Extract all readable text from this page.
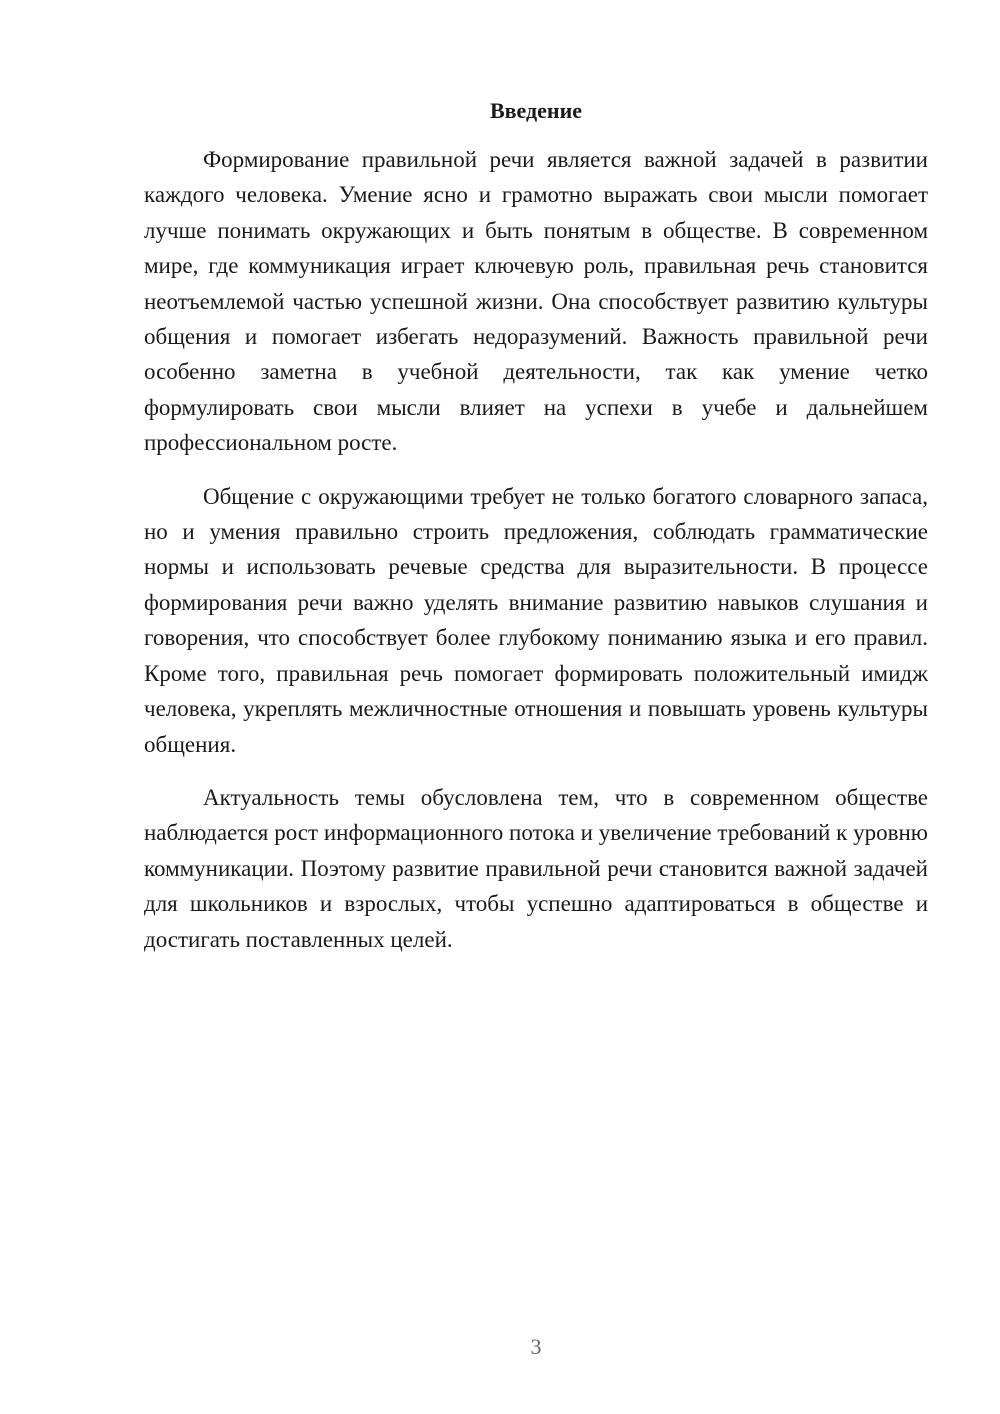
Введение

Формирование правильной речи является важной задачей в развитии каждого человека. Умение ясно и грамотно выражать свои мысли помогает лучше понимать окружающих и быть понятым в обществе. В современном мире, где коммуникация играет ключевую роль, правильная речь становится неотъемлемой частью успешной жизни. Она способствует развитию культуры общения и помогает избегать недоразумений. Важность правильной речи особенно заметна в учебной деятельности, так как умение четко формулировать свои мысли влияет на успехи в учебе и дальнейшем профессиональном росте.

Общение с окружающими требует не только богатого словарного запаса, но и умения правильно строить предложения, соблюдать грамматические нормы и использовать речевые средства для выразительности. В процессе формирования речи важно уделять внимание развитию навыков слушания и говорения, что способствует более глубокому пониманию языка и его правил. Кроме того, правильная речь помогает формировать положительный имидж человека, укреплять межличностные отношения и повышать уровень культуры общения.

Актуальность темы обусловлена тем, что в современном обществе наблюдается рост информационного потока и увеличение требований к уровню коммуникации. Поэтому развитие правильной речи становится важной задачей для школьников и взрослых, чтобы успешно адаптироваться в обществе и достигать поставленных целей.

3
